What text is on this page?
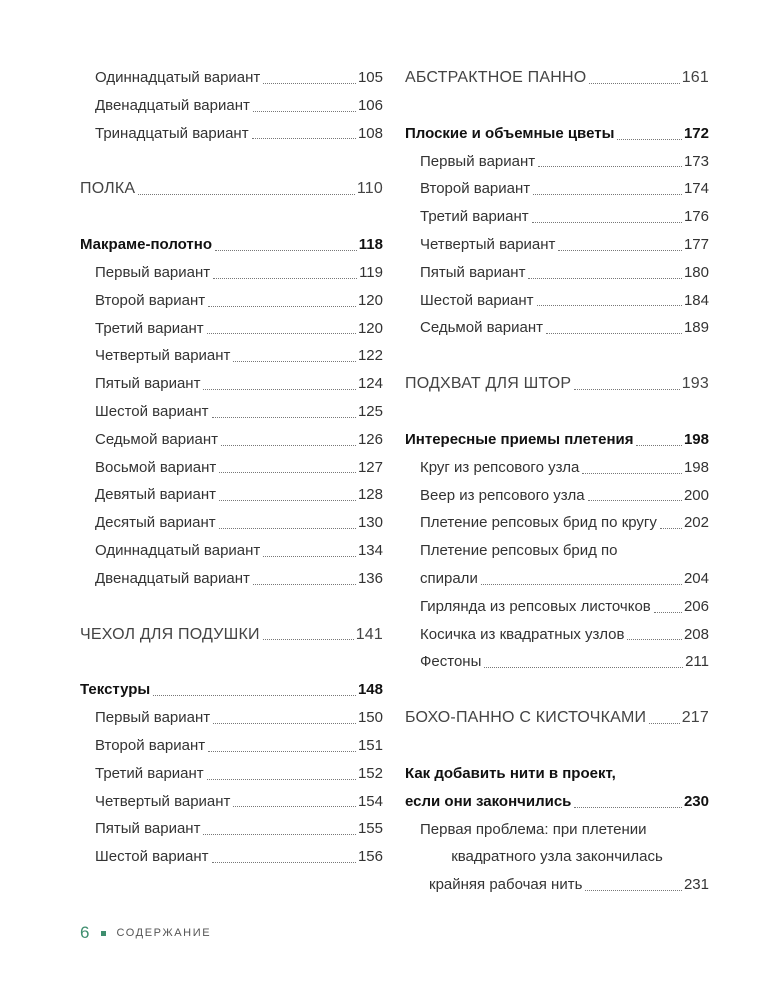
Одиннадцатый вариант	105
Двенадцатый вариант	106
Тринадцатый вариант	108
ПОЛКА	110
Макраме-полотно	118
Первый вариант	119
Второй вариант	120
Третий вариант	120
Четвертый вариант	122
Пятый вариант	124
Шестой вариант	125
Седьмой вариант	126
Восьмой вариант	127
Девятый вариант	128
Десятый вариант	130
Одиннадцатый вариант	134
Двенадцатый вариант	136
ЧЕХОЛ ДЛЯ ПОДУШКИ	141
Текстуры	148
Первый вариант	150
Второй вариант	151
Третий вариант	152
Четвертый вариант	154
Пятый вариант	155
Шестой вариант	156
АБСТРАКТНОЕ ПАННО	161
Плоские и объемные цветы	172
Первый вариант	173
Второй вариант	174
Третий вариант	176
Четвертый вариант	177
Пятый вариант	180
Шестой вариант	184
Седьмой вариант	189
ПОДХВАТ ДЛЯ ШТОР	193
Интересные приемы плетения	198
Круг из репсового узла	198
Веер из репсового узла	200
Плетение репсовых брид по кругу 202
Плетение репсовых брид по
спирали	204
Гирлянда из репсовых листочков 206
Косичка из квадратных узлов	208
Фестоны	211
БОХО-ПАННО С КИСТОЧКАМИ 217
Как добавить нити в проект,
если они закончились	230
Первая проблема: при плетении
квадратного узла закончилась
крайняя рабочая нить	231
6 СОДЕРЖАНИЕ
